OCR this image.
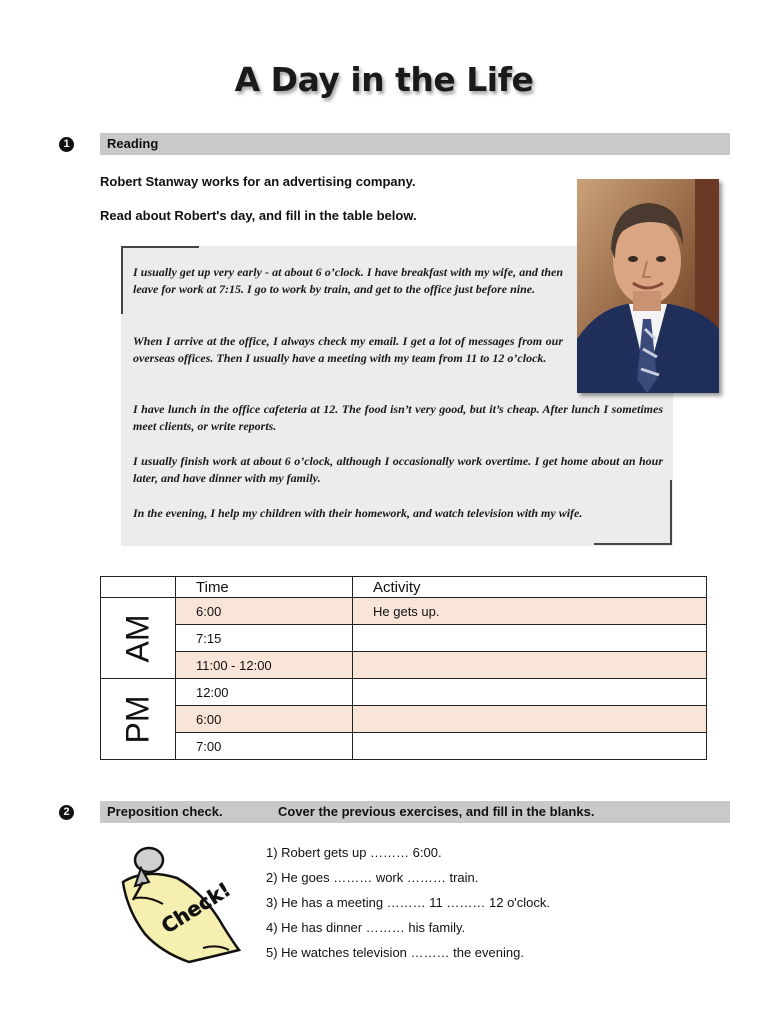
A Day in the Life
1	Reading
Robert Stanway works for an advertising company.
Read about Robert's day, and fill in the table below.

I usually get up very early - at about 6 o’clock. I have breakfast with my wife, and then leave for work at 7:15. I go to work by train, and get to the office just before nine.

When I arrive at the office, I always check my email. I get a lot of messages from our overseas offices. Then I usually have a meeting with my team from 11 to 12 o’clock.

I have lunch in the office cafeteria at 12. The food isn’t very good, but it’s cheap. After lunch I sometimes meet clients, or write reports.

I usually finish work at about 6 o’clock, although I occasionally work overtime. I get home about an hour later, and have dinner with my family.

In the evening, I help my children with their homework, and watch television with my wife.

	Time	Activity

AM	6:00	He gets up.
	7:15	
	11:00 - 12:00	

PM	12:00	
	6:00	
	7:00	
2	Preposition check.	Cover the previous exercises, and fill in the blanks.
Check!
1) Robert gets up ……… 6:00.
2) He goes ……… work ……… train.
3) He has a meeting ……… 11 ……… 12 o'clock.
4) He has dinner ……… his family.
5) He watches television ……… the evening.
